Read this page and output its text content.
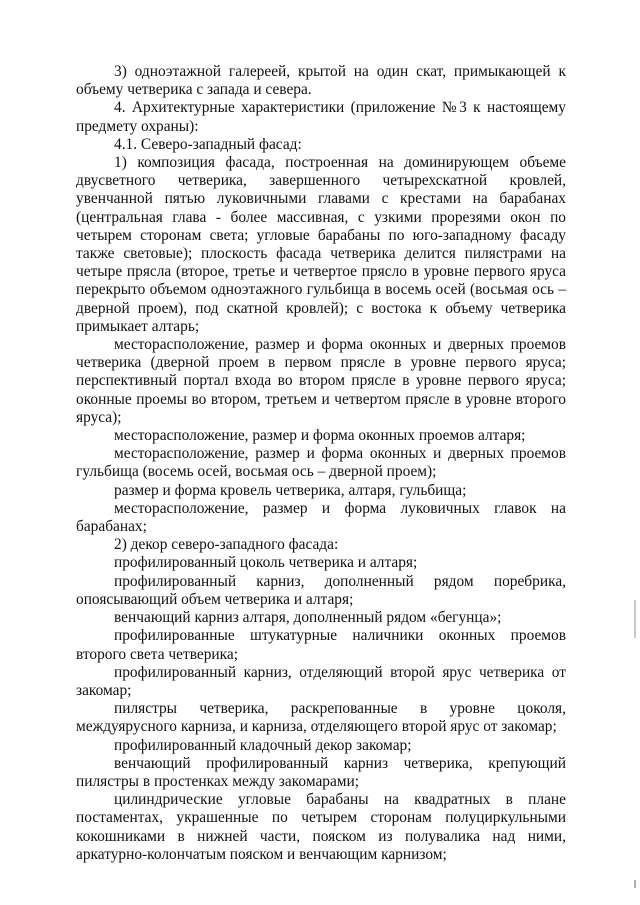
3) одноэтажной галереей, крытой на один скат, примыкающей к объему четверика с запада и севера.

4. Архитектурные характеристики (приложение №3 к настоящему предмету охраны):

4.1. Северо-западный фасад:

1) композиция фасада, построенная на доминирующем объеме двусветного четверика, завершенного четырехскатной кровлей, увенчанной пятью луковичными главами с крестами на барабанах (центральная глава - более массивная, с узкими прорезями окон по четырем сторонам света; угловые барабаны по юго-западному фасаду также световые); плоскость фасада четверика делится пилястрами на четыре прясла (второе, третье и четвертое прясло в уровне первого яруса перекрыто объемом одноэтажного гульбища в восемь осей (восьмая ось – дверной проем), под скатной кровлей); с востока к объему четверика примыкает алтарь;

месторасположение, размер и форма оконных и дверных проемов четверика (дверной проем в первом прясле в уровне первого яруса; перспективный портал входа во втором прясле в уровне первого яруса; оконные проемы во втором, третьем и четвертом прясле в уровне второго яруса);

месторасположение, размер и форма оконных проемов алтаря;

месторасположение, размер и форма оконных и дверных проемов гульбища (восемь осей, восьмая ось – дверной проем);

размер и форма кровель четверика, алтаря, гульбища;

месторасположение, размер и форма луковичных главок на барабанах;

2) декор северо-западного фасада:

профилированный цоколь четверика и алтаря;

профилированный карниз, дополненный рядом поребрика, опоясывающий объем четверика и алтаря;

венчающий карниз алтаря, дополненный рядом «бегунца»;

профилированные штукатурные наличники оконных проемов второго света четверика;

профилированный карниз, отделяющий второй ярус четверика от закомар;

пилястры четверика, раскрепованные в уровне цоколя, междуярусного карниза, и карниза, отделяющего второй ярус от закомар;

профилированный кладочный декор закомар;

венчающий профилированный карниз четверика, крепующий пилястры в простенках между закомарами;

цилиндрические угловые барабаны на квадратных в плане постаментах, украшенные по четырем сторонам полуциркульными кокошниками в нижней части, пояском из полувалика над ними, аркатурно-колончатым пояском и венчающим карнизом;
